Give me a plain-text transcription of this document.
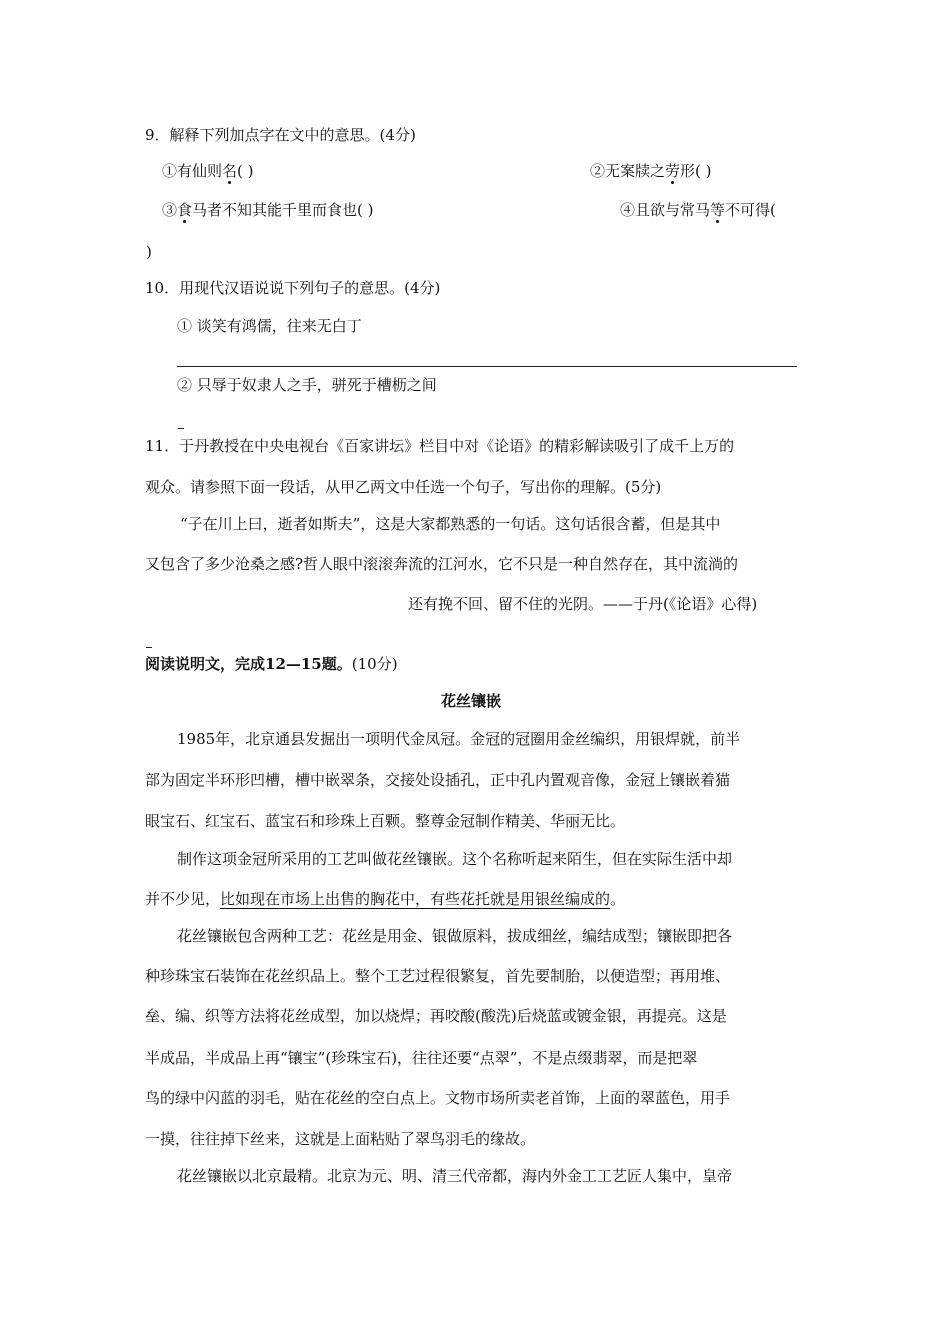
9．解释下列加点字在文中的意思。(4分)
①有仙则名( )	②无案牍之劳形( )
③食马者不知其能千里而食也( )	④且欲与常马等不可得(
)
10．用现代汉语说说下列句子的意思。(4分)
① 谈笑有鸿儒，往来无白丁
② 只辱于奴隶人之手，骈死于槽枥之间
11．于丹教授在中央电视台《百家讲坛》栏目中对《论语》的精彩解读吸引了成千上万的
观众。请参照下面一段话，从甲乙两文中任选一个句子，写出你的理解。(5分)
“子在川上曰，逝者如斯夫”，这是大家都熟悉的一句话。这句话很含蓄，但是其中
又包含了多少沧桑之感?哲人眼中滚滚奔流的江河水，它不只是一种自然存在，其中流淌的
还有挽不回、留不住的光阴。——于丹(《论语》心得)
阅读说明文，完成12—15题。(10分)
花丝镶嵌
1985年，北京通县发掘出一项明代金凤冠。金冠的冠圈用金丝编织，用银焊就，前半
部为固定半环形凹槽，槽中嵌翠条，交接处设插孔，正中孔内置观音像，金冠上镶嵌着猫
眼宝石、红宝石、蓝宝石和珍珠上百颗。整尊金冠制作精美、华丽无比。
制作这项金冠所采用的工艺叫做花丝镶嵌。这个名称听起来陌生，但在实际生活中却
并不少见，比如现在市场上出售的胸花中，有些花托就是用银丝编成的。
花丝镶嵌包含两种工艺：花丝是用金、银做原料，拔成细丝，编结成型；镶嵌即把各
种珍珠宝石装饰在花丝织品上。整个工艺过程很繁复，首先要制胎，以便造型；再用堆、
垒、编、织等方法将花丝成型，加以烧焊；再咬酸(酸洗)后烧蓝或镀金银，再提亮。这是
半成品，半成品上再“镶宝”(珍珠宝石)，往往还要“点翠”，不是点缀翡翠，而是把翠
鸟的绿中闪蓝的羽毛，贴在花丝的空白点上。文物市场所卖老首饰，上面的翠蓝色，用手
一摸，往往掉下丝来，这就是上面粘贴了翠鸟羽毛的缘故。
花丝镶嵌以北京最精。北京为元、明、清三代帝都，海内外金工工艺匠人集中，皇帝
